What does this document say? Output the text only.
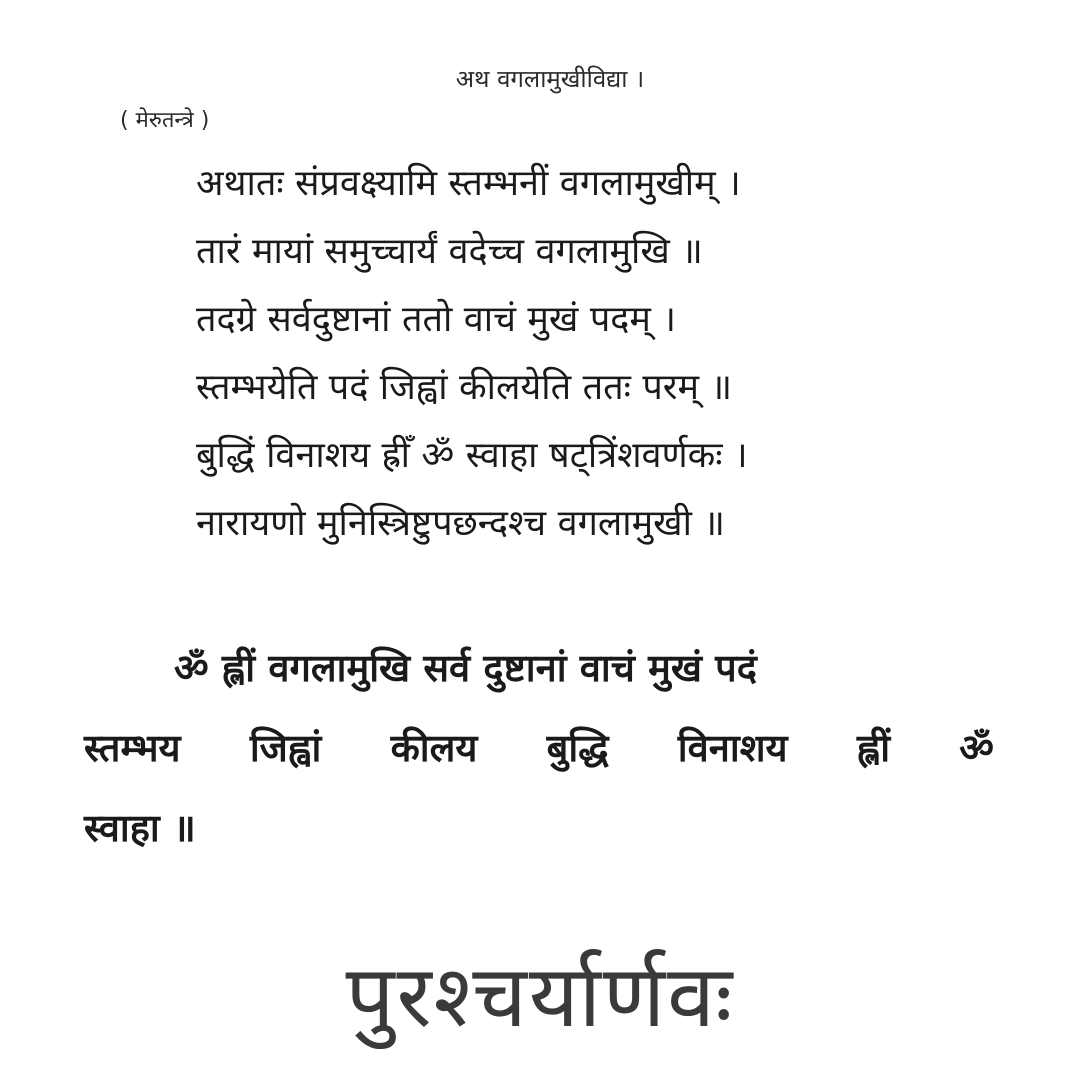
अथ वगलामुखीविद्या ।
( मेरुतन्त्रे )
अथातः संप्रवक्ष्यामि स्तम्भनीं वगलामुखीम् ।
तारं मायां समुच्चार्यं वदेच्च वगलामुखि ॥
तदग्रे सर्वदुष्टानां ततो वाचं मुखं पदम् ।
स्तम्भयेति पदं जिह्वां कीलयेति ततः परम् ॥
बुद्धिं विनाशय ह्रीँ ॐ स्वाहा षट्त्रिंशवर्णकः ।
नारायणो मुनिस्त्रिष्टुपछन्दश्च वगलामुखी ॥
ॐ ह्लीं वगलामुखि सर्व दुष्टानां वाचं मुखं पदं
स्तम्भय जिह्वां कीलय बुद्धि विनाशय ह्लीं ॐ
स्वाहा ॥
पुरश्चर्यार्णवः
